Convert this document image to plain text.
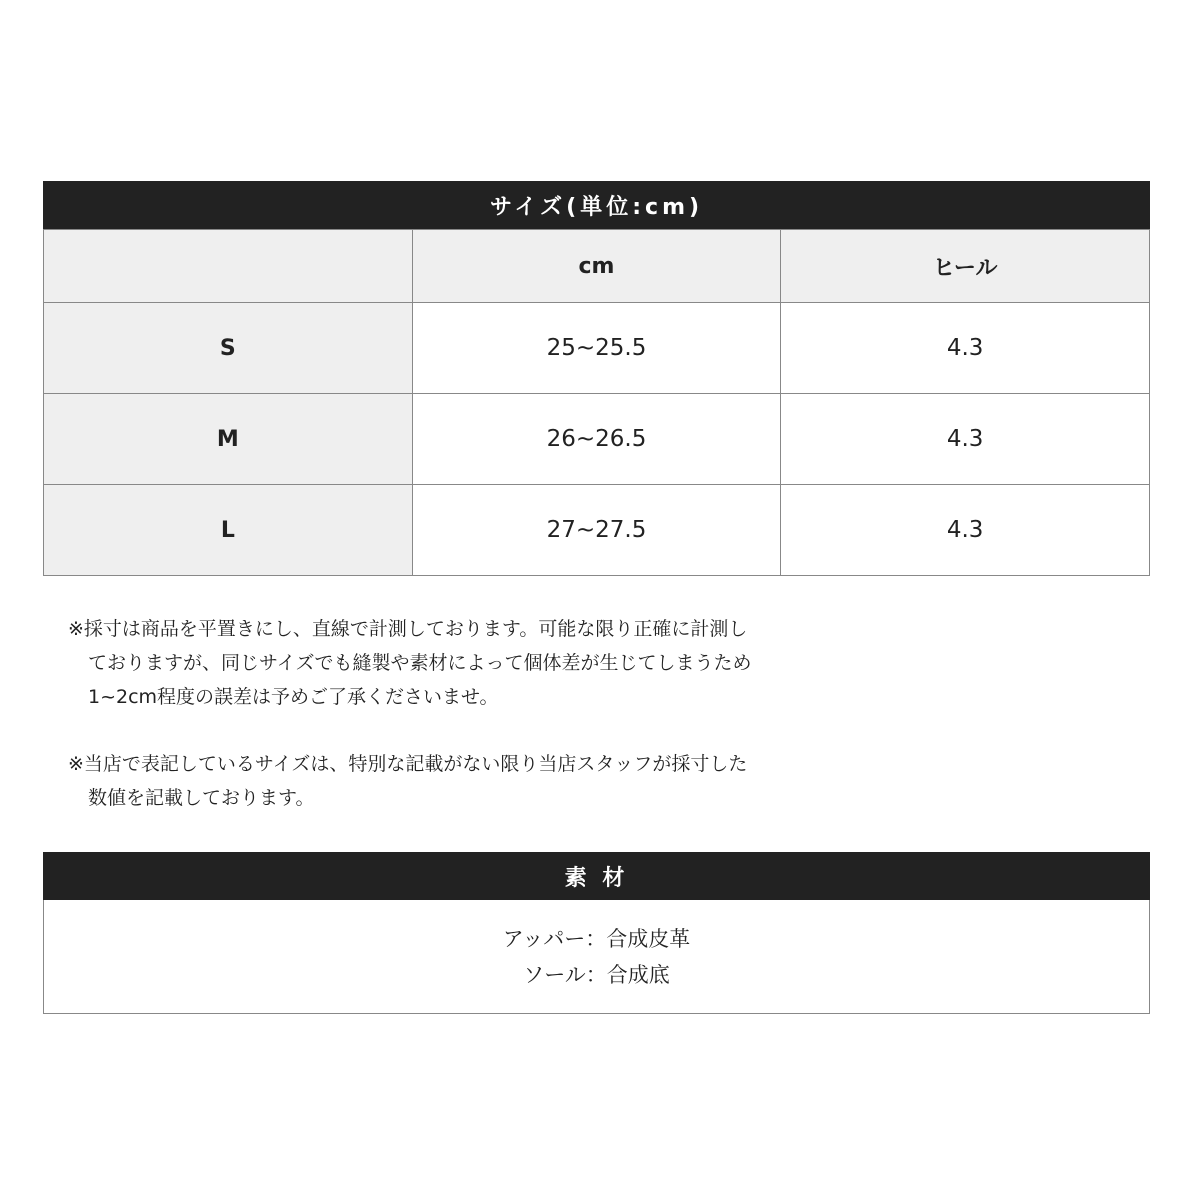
サイズ(単位:cm)
	cm	ヒール
S	25~25.5	4.3
M	26~26.5	4.3
L	27~27.5	4.3
※採寸は商品を平置きにし、直線で計測しております。可能な限り正確に計測し
ておりますが、同じサイズでも縫製や素材によって個体差が生じてしまうため
1~2cm程度の誤差は予めご了承くださいませ。
※当店で表記しているサイズは、特別な記載がない限り当店スタッフが採寸した
数値を記載しております。
素 材
アッパー：合成皮革
ソール：合成底
